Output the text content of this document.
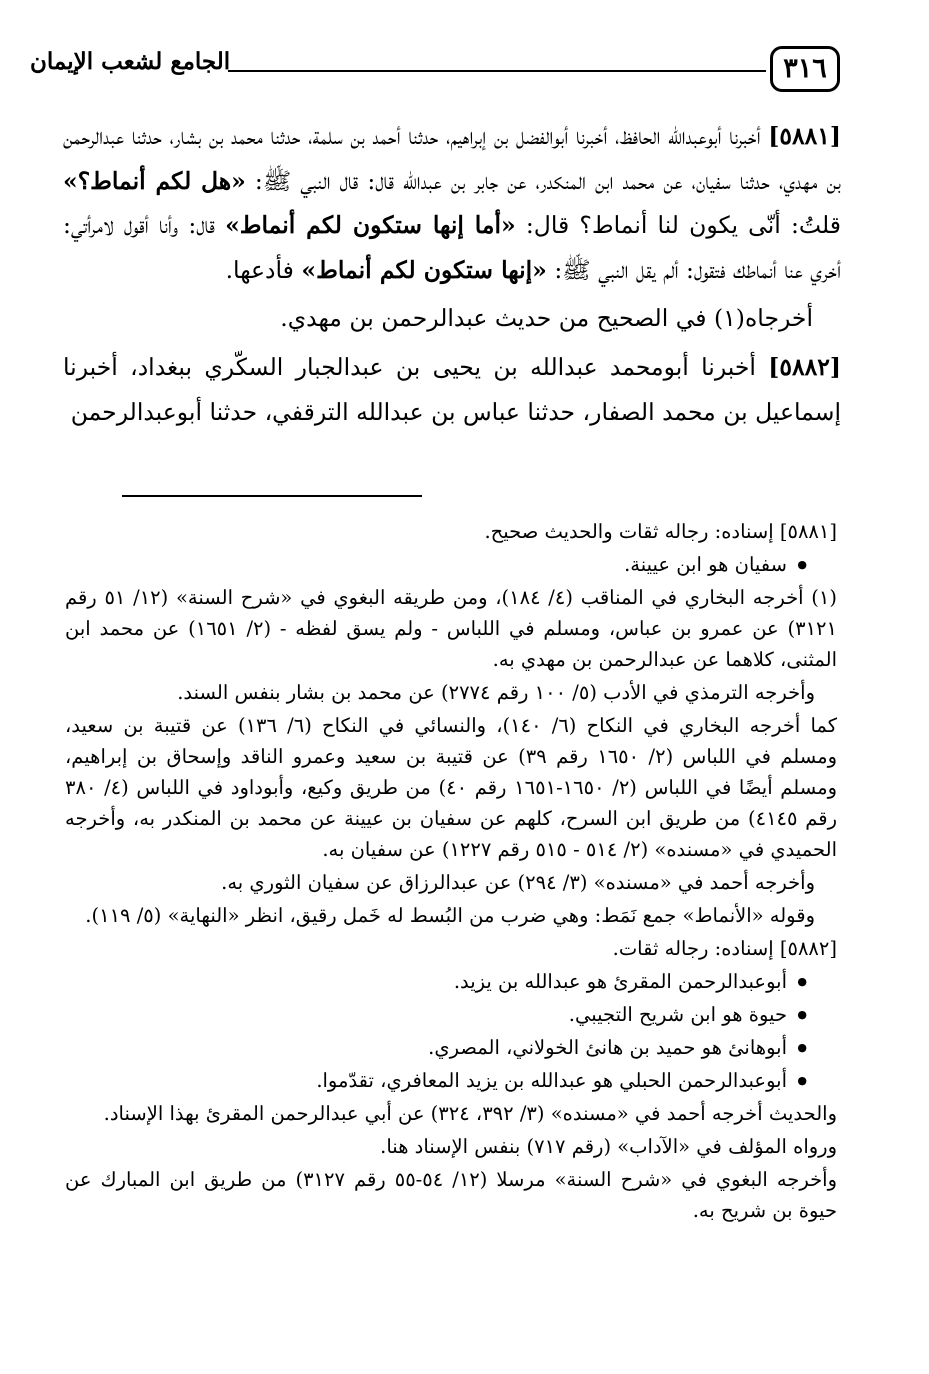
٣١٦
الجامع لشعب الإيمان

[٥٨٨١] أخبرنا أبوعبدالله الحافظ، أخبرنا أبوالفضل بن إبراهيم، حدثنا أحمد بن سلمة، حدثنا محمد بن بشار، حدثنا عبدالرحمن بن مهدي، حدثنا سفيان، عن محمد ابن المنكدر، عن جابر بن عبدالله قال: قال النبي ﷺ: «هل لكم أنماط؟» قلتُ: أنّى يكون لنا أنماط؟ قال: «أما إنها ستكون لكم أنماط» قال: وأنا أقول لامرأتي: أخري عنا أنماطك فتقول: ألم يقل النبي ﷺ: «إنها ستكون لكم أنماط» فأدعها.

أخرجاه(١) في الصحيح من حديث عبدالرحمن بن مهدي.

[٥٨٨٢] أخبرنا أبومحمد عبدالله بن يحيى بن عبدالجبار السكّري ببغداد، أخبرنا إسماعيل بن محمد الصفار، حدثنا عباس بن عبدالله الترقفي، حدثنا أبوعبدالرحمن

[٥٨٨١] إسناده: رجاله ثقات والحديث صحيح.

● سفيان هو ابن عيينة.

(١) أخرجه البخاري في المناقب (٤/ ١٨٤)، ومن طريقه البغوي في «شرح السنة» (١٢/ ٥١ رقم ٣١٢١) عن عمرو بن عباس، ومسلم في اللباس - ولم يسق لفظه - (٢/ ١٦٥١) عن محمد ابن المثنى، كلاهما عن عبدالرحمن بن مهدي به.

وأخرجه الترمذي في الأدب (٥/ ١٠٠ رقم ٢٧٧٤) عن محمد بن بشار بنفس السند.

كما أخرجه البخاري في النكاح (٦/ ١٤٠)، والنسائي في النكاح (٦/ ١٣٦) عن قتيبة بن سعيد، ومسلم في اللباس (٢/ ١٦٥٠ رقم ٣٩) عن قتيبة بن سعيد وعمرو الناقد وإسحاق بن إبراهيم، ومسلم أيضًا في اللباس (٢/ ١٦٥٠-١٦٥١ رقم ٤٠) من طريق وكيع، وأبوداود في اللباس (٤/ ٣٨٠ رقم ٤١٤٥) من طريق ابن السرح، كلهم عن سفيان بن عيينة عن محمد بن المنكدر به، وأخرجه الحميدي في «مسنده» (٢/ ٥١٤ - ٥١٥ رقم ١٢٢٧) عن سفيان به.

وأخرجه أحمد في «مسنده» (٣/ ٢٩٤) عن عبدالرزاق عن سفيان الثوري به.

وقوله «الأنماط» جمع نَمَط: وهي ضرب من البُسط له خَمل رقيق، انظر «النهاية» (٥/ ١١٩).

[٥٨٨٢] إسناده: رجاله ثقات.

● أبوعبدالرحمن المقرئ هو عبدالله بن يزيد.

● حيوة هو ابن شريح التجيبي.

● أبوهانئ هو حميد بن هانئ الخولاني، المصري.

● أبوعبدالرحمن الحبلي هو عبدالله بن يزيد المعافري، تقدّموا.

والحديث أخرجه أحمد في «مسنده» (٣/ ٣٩٢، ٣٢٤) عن أبي عبدالرحمن المقرئ بهذا الإسناد.

ورواه المؤلف في «الآداب» (رقم ٧١٧) بنفس الإسناد هنا.

وأخرجه البغوي في «شرح السنة» مرسلا (١٢/ ٥٤-٥٥ رقم ٣١٢٧) من طريق ابن المبارك عن حيوة بن شريح به.
